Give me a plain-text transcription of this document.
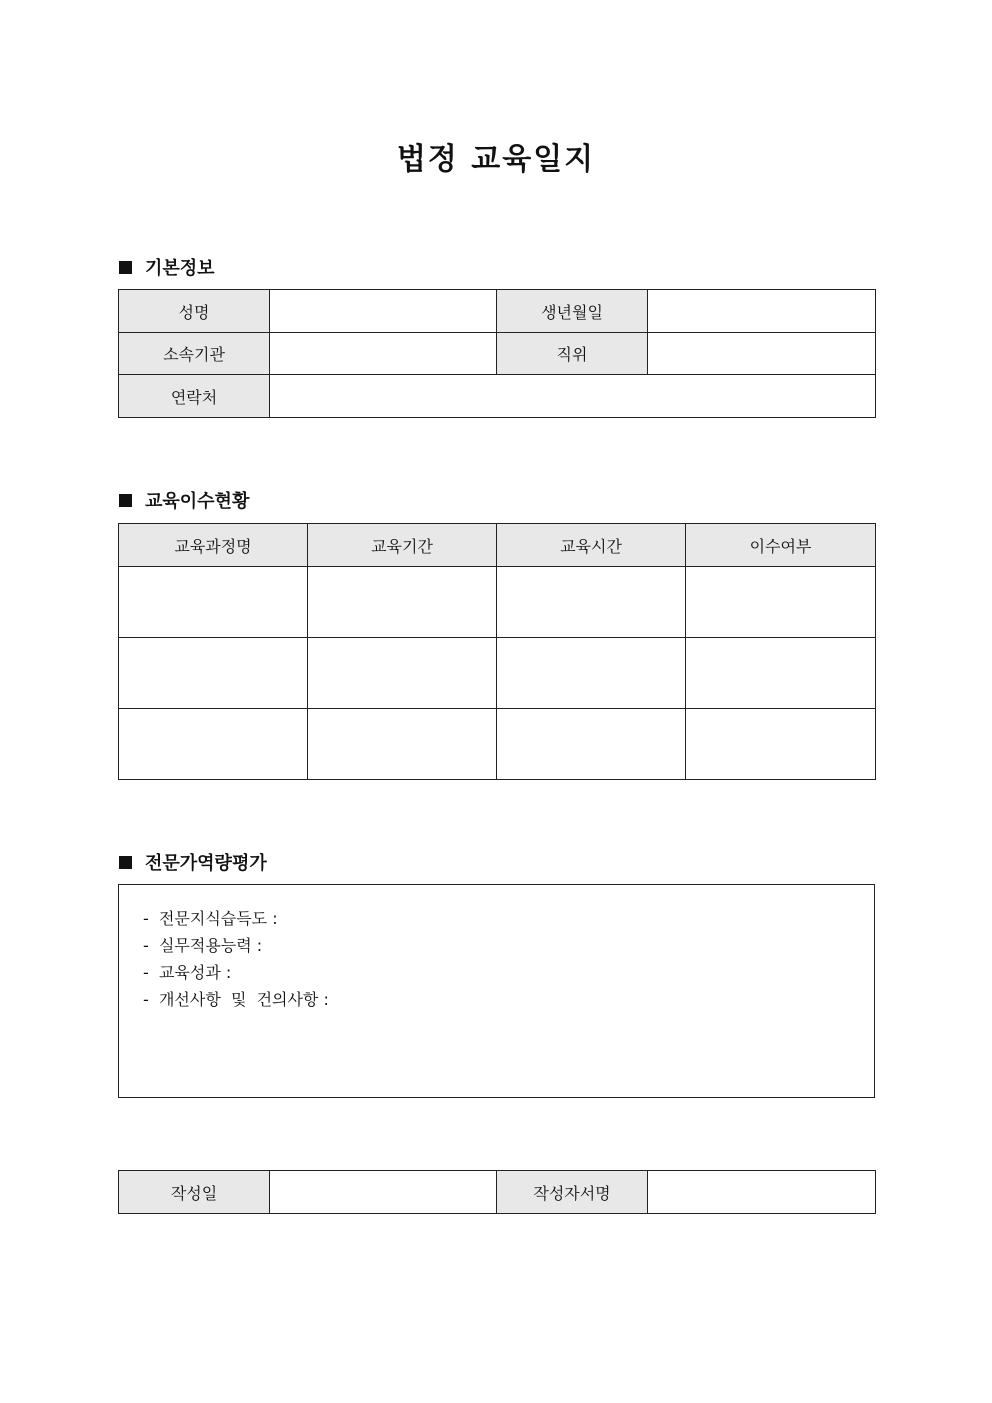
법정 교육일지
기본정보
성명		생년월일	
소속기관		직위	
연락처			
교육이수현황
교육과정명	교육기간	교육시간	이수여부

전문가역량평가
-  전문지식습득도 :
-  실무적용능력 :
-  교육성과 :
-  개선사항  및  건의사항 :
작성일		작성자서명	
